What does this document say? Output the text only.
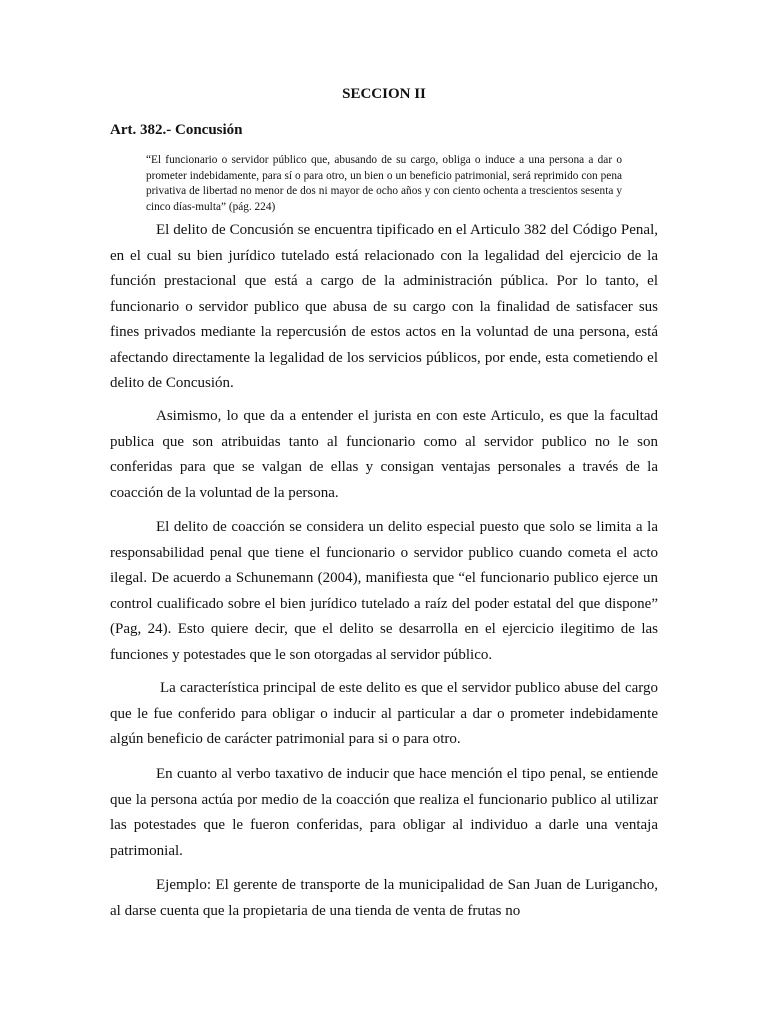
SECCION II
Art. 382.- Concusión
“El funcionario o servidor público que, abusando de su cargo, obliga o induce a una persona a dar o prometer indebidamente, para sí o para otro, un bien o un beneficio patrimonial, será reprimido con pena privativa de libertad no menor de dos ni mayor de ocho años y con ciento ochenta a trescientos sesenta y cinco días-multa” (pág. 224)

El delito de Concusión se encuentra tipificado en el Articulo 382 del Código Penal, en el cual su bien jurídico tutelado está relacionado con la legalidad del ejercicio de la función prestacional que está a cargo de la administración pública. Por lo tanto, el funcionario o servidor publico que abusa de su cargo con la finalidad de satisfacer sus fines privados mediante la repercusión de estos actos en la voluntad de una persona, está afectando directamente la legalidad de los servicios públicos, por ende, esta cometiendo el delito de Concusión.

Asimismo, lo que da a entender el jurista en con este Articulo, es que la facultad publica que son atribuidas tanto al funcionario como al servidor publico no le son conferidas para que se valgan de ellas y consigan ventajas personales a través de la coacción de la voluntad de la persona.

El delito de coacción se considera un delito especial puesto que solo se limita a la responsabilidad penal que tiene el funcionario o servidor publico cuando cometa el acto ilegal. De acuerdo a Schunemann (2004), manifiesta que “el funcionario publico ejerce un control cualificado sobre el bien jurídico tutelado a raíz del poder estatal del que dispone” (Pag, 24). Esto quiere decir, que el delito se desarrolla en el ejercicio ilegitimo de las funciones y potestades que le son otorgadas al servidor público.

La característica principal de este delito es que el servidor publico abuse del cargo que le fue conferido para obligar o inducir al particular a dar o prometer indebidamente algún beneficio de carácter patrimonial para si o para otro.

En cuanto al verbo taxativo de inducir que hace mención el tipo penal, se entiende que la persona actúa por medio de la coacción que realiza el funcionario publico al utilizar las potestades que le fueron conferidas, para obligar al individuo a darle una ventaja patrimonial.

Ejemplo: El gerente de transporte de la municipalidad de San Juan de Lurigancho, al darse cuenta que la propietaria de una tienda de venta de frutas no
